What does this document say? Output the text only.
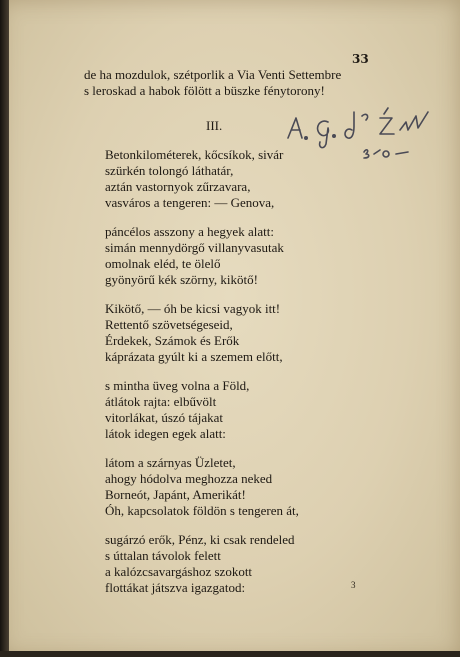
33
de ha mozdulok, szétporlik a Via Venti Settembre
s leroskad a habok fölött a büszke fénytorony!
III.
Betonkilométerek, kőcsíkok, sivár
szürkén tolongó láthatár,
aztán vastornyok zűrzavara,
vasváros a tengeren: — Genova,
páncélos asszony a hegyek alatt:
simán mennydörgő villanyvasutak
omolnak eléd, te ölelő
gyönyörű kék szörny, kikötő!
Kikötő, — óh be kicsi vagyok itt!
Rettentő szövetségeseid,
Érdekek, Számok és Erők
káprázata gyúlt ki a szemem előtt,
s mintha üveg volna a Föld,
átlátok rajta: elbűvölt
vitorlákat, úszó tájakat
látok idegen egek alatt:
látom a szárnyas Üzletet,
ahogy hódolva meghozza neked
Borneót, Japánt, Amerikát!
Óh, kapcsolatok földön s tengeren át,
sugárzó erők, Pénz, ki csak rendeled
s úttalan távolok felett
a kalózcsavargáshoz szokott
flottákat játszva igazgatod:	3
